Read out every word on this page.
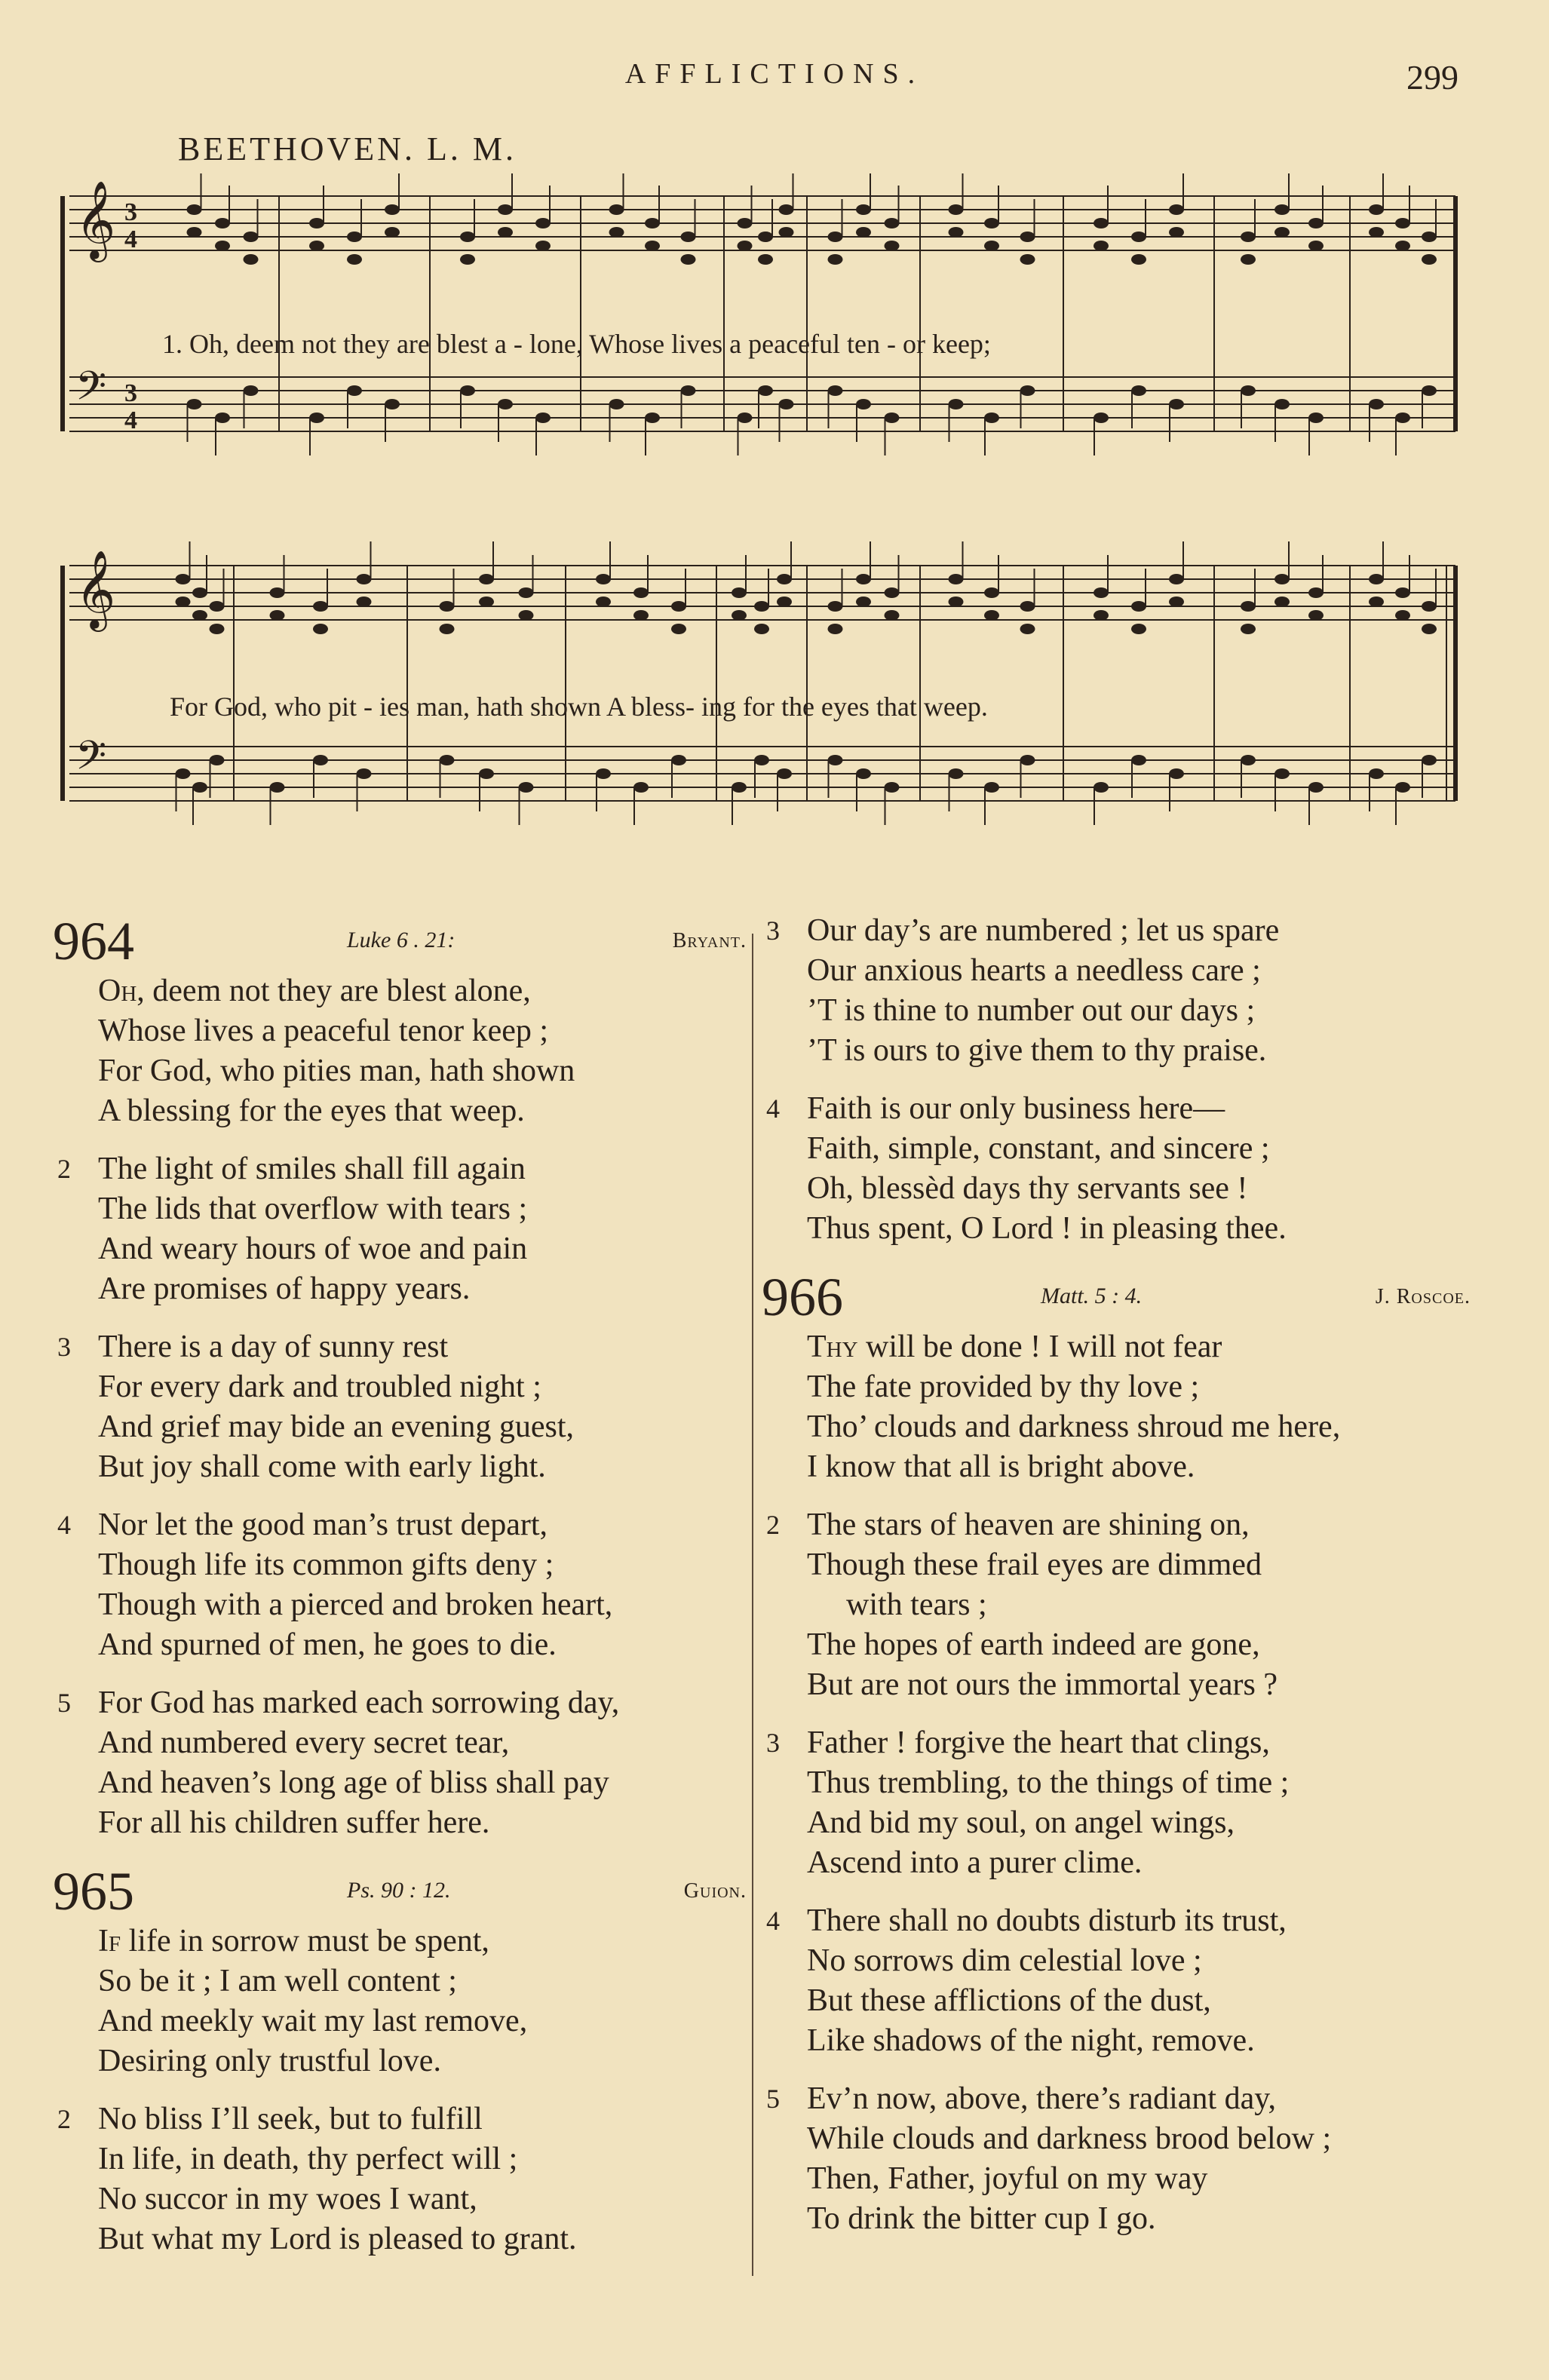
AFFLICTIONS.	299
BEETHOVEN. L. M.
𝄞 3
4
𝄢 3
4
𝄞
𝄢
1. Oh, deem not they are blest a - lone, Whose lives a peaceful ten - or keep;
For God, who pit - ies man, hath shown A bless- ing for the eyes that weep.
964	Luke 6 . 21:	Bryant.
Oh, deem not they are blest alone,
Whose lives a peaceful tenor keep ;
For God, who pities man, hath shown
A blessing for the eyes that weep.
2 The light of smiles shall fill again
The lids that overflow with tears ;
And weary hours of woe and pain
Are promises of happy years.
3 There is a day of sunny rest
For every dark and troubled night ;
And grief may bide an evening guest,
But joy shall come with early light.
4 Nor let the good man’s trust depart,
Though life its common gifts deny ;
Though with a pierced and broken heart,
And spurned of men, he goes to die.
5 For God has marked each sorrowing day,
And numbered every secret tear,
And heaven’s long age of bliss shall pay
For all his children suffer here.
965	Ps. 90 : 12.	Guion.
If life in sorrow must be spent,
So be it ; I am well content ;
And meekly wait my last remove,
Desiring only trustful love.
2 No bliss I’ll seek, but to fulfill
In life, in death, thy perfect will ;
No succor in my woes I want,
But what my Lord is pleased to grant.
3 Our day’s are numbered ; let us spare
Our anxious hearts a needless care ;
’T is thine to number out our days ;
’T is ours to give them to thy praise.
4 Faith is our only business here—
Faith, simple, constant, and sincere ;
Oh, blessèd days thy servants see !
Thus spent, O Lord ! in pleasing thee.
966	Matt. 5 : 4.	J. Roscoe.
Thy will be done ! I will not fear
The fate provided by thy love ;
Tho’ clouds and darkness shroud me here,
I know that all is bright above.
2 The stars of heaven are shining on,
Though these frail eyes are dimmed
with tears ;
The hopes of earth indeed are gone,
But are not ours the immortal years ?
3 Father ! forgive the heart that clings,
Thus trembling, to the things of time ;
And bid my soul, on angel wings,
Ascend into a purer clime.
4 There shall no doubts disturb its trust,
No sorrows dim celestial love ;
But these afflictions of the dust,
Like shadows of the night, remove.
5 Ev’n now, above, there’s radiant day,
While clouds and darkness brood below ;
Then, Father, joyful on my way
To drink the bitter cup I go.
